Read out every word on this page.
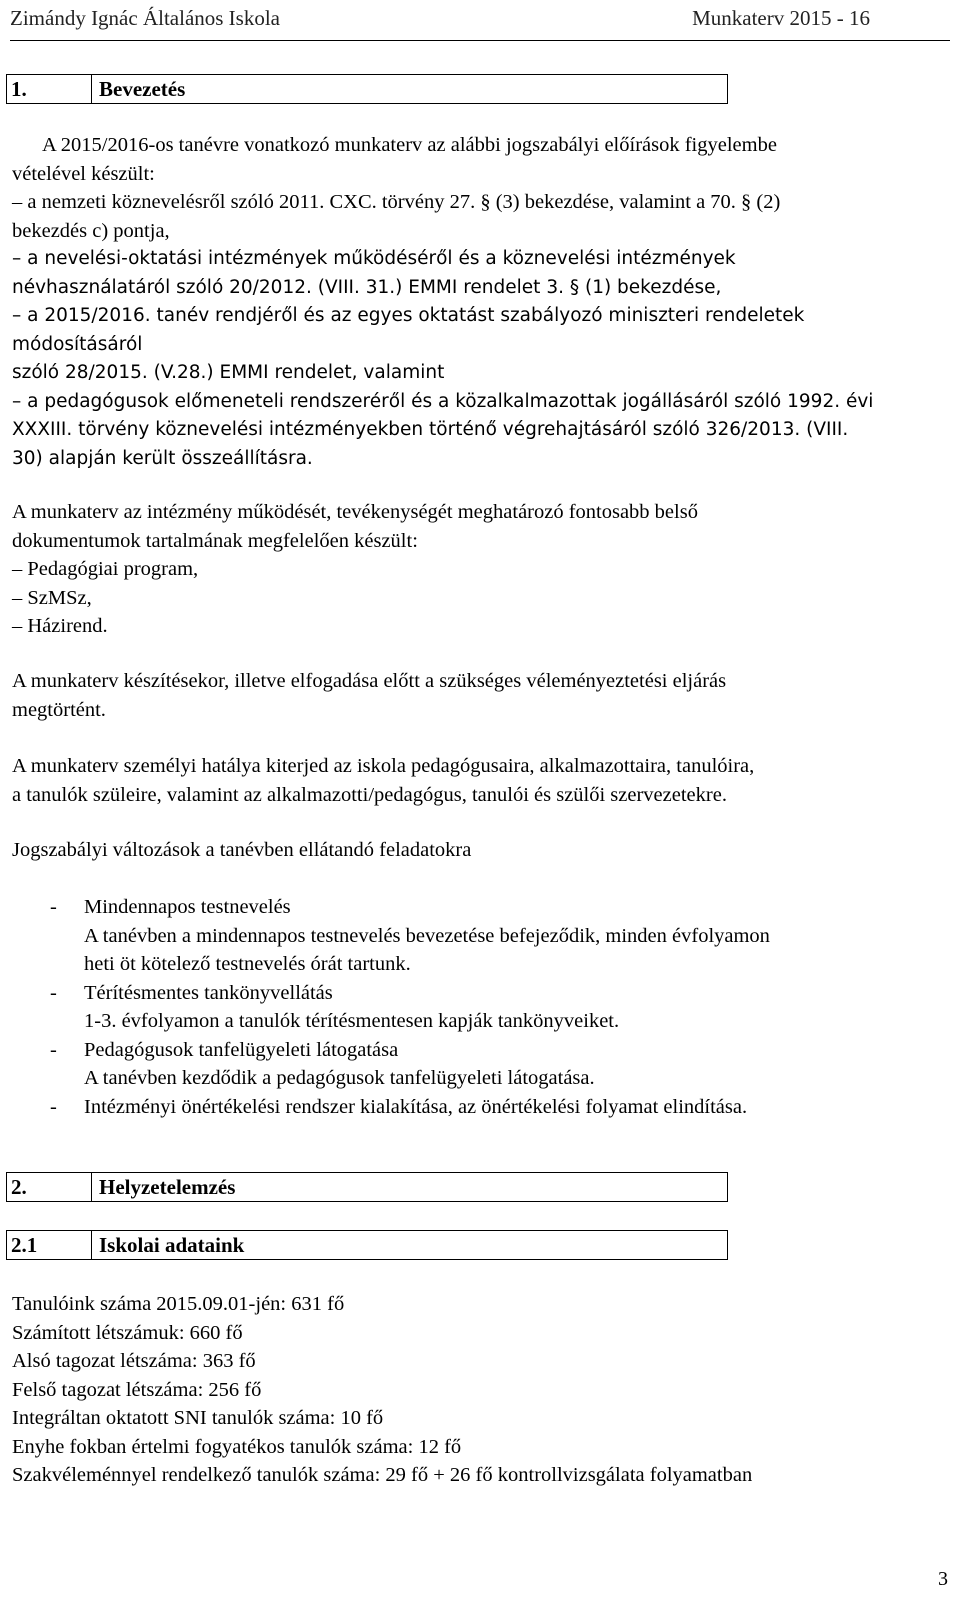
Zimándy Ignác Általános Iskola	Munkaterv 2015 - 16
1.	Bevezetés
A 2015/2016-os tanévre vonatkozó munkaterv az alábbi jogszabályi előírások figyelembe
vételével készült:
– a nemzeti köznevelésről szóló 2011. CXC. törvény 27. § (3) bekezdése, valamint a 70. § (2)
bekezdés c) pontja,
– a nevelési-oktatási intézmények működéséről és a köznevelési intézmények
névhasználatáról szóló 20/2012. (VIII. 31.) EMMI rendelet 3. § (1) bekezdése,
– a 2015/2016. tanév rendjéről és az egyes oktatást szabályozó miniszteri rendeletek
módosításáról
szóló 28/2015. (V.28.) EMMI rendelet, valamint
– a pedagógusok előmeneteli rendszeréről és a közalkalmazottak jogállásáról szóló 1992. évi
XXXIII. törvény köznevelési intézményekben történő végrehajtásáról szóló 326/2013. (VIII.
30) alapján került összeállításra.
A munkaterv az intézmény működését, tevékenységét meghatározó fontosabb belső
dokumentumok tartalmának megfelelően készült:
– Pedagógiai program,
– SzMSz,
– Házirend.
A munkaterv készítésekor, illetve elfogadása előtt a szükséges véleményeztetési eljárás
megtörtént.
A munkaterv személyi hatálya kiterjed az iskola pedagógusaira, alkalmazottaira, tanulóira,
a tanulók szüleire, valamint az alkalmazotti/pedagógus, tanulói és szülői szervezetekre.
Jogszabályi változások a tanévben ellátandó feladatokra
- Mindennapos testnevelés
A tanévben a mindennapos testnevelés bevezetése befejeződik, minden évfolyamon
heti öt kötelező testnevelés órát tartunk.
- Térítésmentes tankönyvellátás
1-3. évfolyamon a tanulók térítésmentesen kapják tankönyveiket.
- Pedagógusok tanfelügyeleti látogatása
A tanévben kezdődik a pedagógusok tanfelügyeleti látogatása.
- Intézményi önértékelési rendszer kialakítása, az önértékelési folyamat elindítása.
2.	Helyzetelemzés
2.1	Iskolai adataink
Tanulóink száma 2015.09.01-jén: 631 fő
Számított létszámuk: 660 fő
Alsó tagozat létszáma: 363 fő
Felső tagozat létszáma: 256 fő
Integráltan oktatott SNI tanulók száma: 10 fő
Enyhe fokban értelmi fogyatékos tanulók száma: 12 fő
Szakvéleménnyel rendelkező tanulók száma: 29 fő + 26 fő kontrollvizsgálata folyamatban
3
